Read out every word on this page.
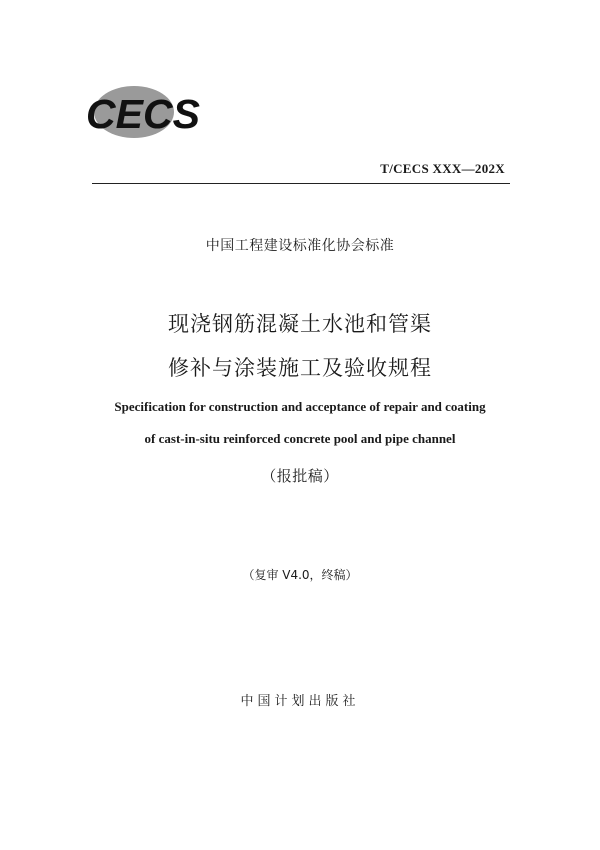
CECS
T/CECS XXX—202X
中国工程建设标准化协会标准
现浇钢筋混凝土水池和管渠
修补与涂装施工及验收规程
Specification for construction and acceptance of repair and coating
of cast-in-situ reinforced concrete pool and pipe channel
（报批稿）
（复审 V4.0，终稿）
中国计划出版社
